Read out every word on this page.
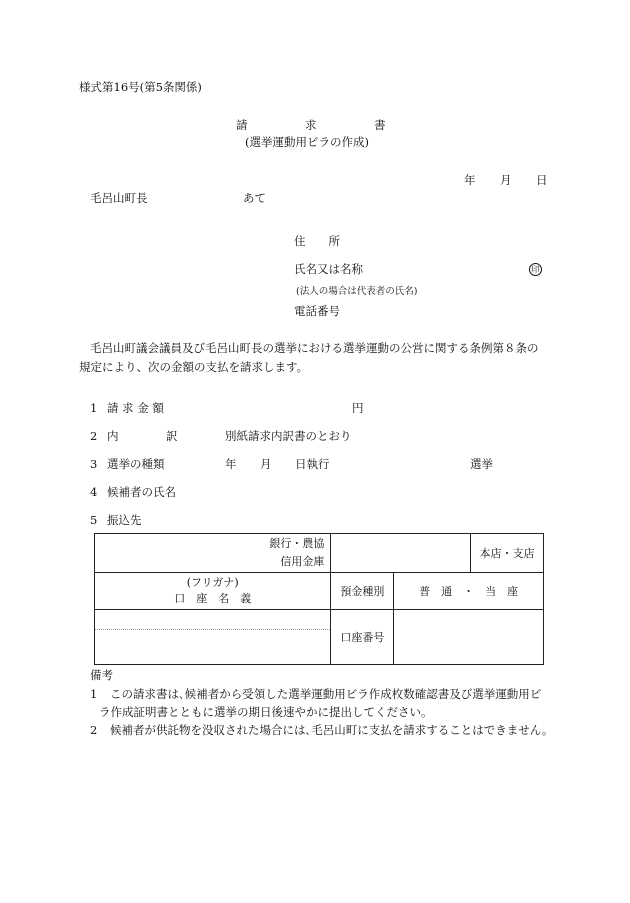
様式第16号(第5条関係)
請	求	書
(選挙運動用ビラの作成)
年 月 日
毛呂山町長	あて
住　　所
氏名又は名称	印
(法人の場合は代表者の氏名)
電話番号
毛呂山町議会議員及び毛呂山町長の選挙における選挙運動の公営に関する条例第８条の
規定により、次の金額の支払を請求します。
1 請 求 金 額	円
2 内	訳	別紙請求内訳書のとおり
3 選挙の種類	年 月 日執行	選挙
4 候補者の氏名
5 振込先
銀行・農協
信用金庫			本店・支店

(フリガナ)
口　座　名　義	預金種別	普　通　・　当　座	

	口座番号		
備考
1 この請求書は､候補者から受領した選挙運動用ビラ作成枚数確認書及び選挙運動用ビ
ラ作成証明書とともに選挙の期日後速やかに提出してください。
2 候補者が供託物を没収された場合には､毛呂山町に支払を請求することはできません。
